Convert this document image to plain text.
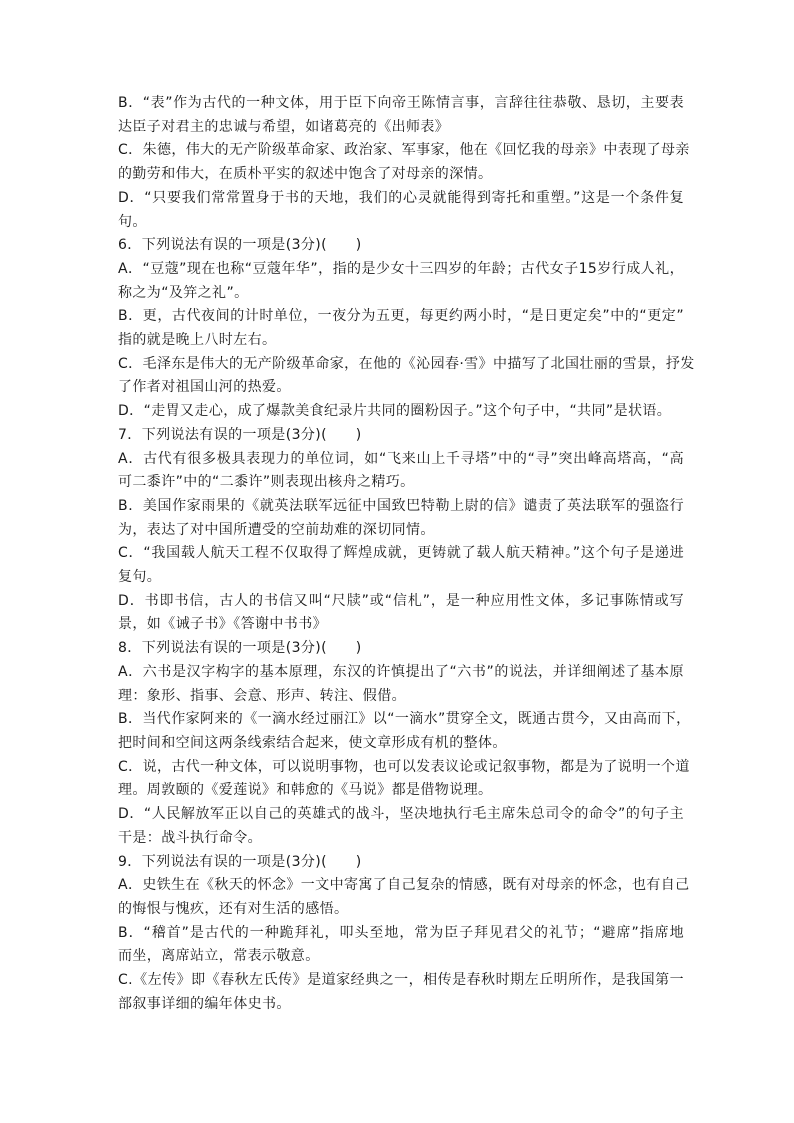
B．“表”作为古代的一种文体，用于臣下向帝王陈情言事，言辞往往恭敬、恳切，主要表
达臣子对君主的忠诚与希望，如诸葛亮的《出师表》
C．朱德，伟大的无产阶级革命家、政治家、军事家，他在《回忆我的母亲》中表现了母亲
的勤劳和伟大，在质朴平实的叙述中饱含了对母亲的深情。
D．“只要我们常常置身于书的天地，我们的心灵就能得到寄托和重塑。”这是一个条件复
句。
6．下列说法有误的一项是(3分)(　　)
A．“豆蔻”现在也称“豆蔻年华”，指的是少女十三四岁的年龄；古代女子15岁行成人礼，
称之为“及笄之礼”。
B．更，古代夜间的计时单位，一夜分为五更，每更约两小时，“是日更定矣”中的“更定”
指的就是晚上八时左右。
C．毛泽东是伟大的无产阶级革命家，在他的《沁园春·雪》中描写了北国壮丽的雪景，抒发
了作者对祖国山河的热爱。
D．“走胃又走心，成了爆款美食纪录片共同的圈粉因子。”这个句子中，“共同”是状语。
7．下列说法有误的一项是(3分)(　　)
A．古代有很多极具表现力的单位词，如“飞来山上千寻塔”中的“寻”突出峰高塔高，“高
可二黍许”中的“二黍许”则表现出核舟之精巧。
B．美国作家雨果的《就英法联军远征中国致巴特勒上尉的信》谴责了英法联军的强盗行
为，表达了对中国所遭受的空前劫难的深切同情。
C．“我国载人航天工程不仅取得了辉煌成就，更铸就了载人航天精神。”这个句子是递进
复句。
D．书即书信，古人的书信又叫“尺牍”或“信札”，是一种应用性文体，多记事陈情或写
景，如《诫子书》《答谢中书书》
8．下列说法有误的一项是(3分)(　　)
A．六书是汉字构字的基本原理，东汉的许慎提出了“六书”的说法，并详细阐述了基本原
理：象形、指事、会意、形声、转注、假借。
B．当代作家阿来的《一滴水经过丽江》以“一滴水”贯穿全文，既通古贯今，又由高而下，
把时间和空间这两条线索结合起来，使文章形成有机的整体。
C．说，古代一种文体，可以说明事物，也可以发表议论或记叙事物，都是为了说明一个道
理。周敦颐的《爱莲说》和韩愈的《马说》都是借物说理。
D．“人民解放军正以自己的英雄式的战斗，坚决地执行毛主席朱总司令的命令”的句子主
干是：战斗执行命令。
9．下列说法有误的一项是(3分)(　　)
A．史铁生在《秋天的怀念》一文中寄寓了自己复杂的情感，既有对母亲的怀念，也有自己
的悔恨与愧疚，还有对生活的感悟。
B．“稽首”是古代的一种跪拜礼，叩头至地，常为臣子拜见君父的礼节；“避席”指席地
而坐，离席站立，常表示敬意。
C.《左传》即《春秋左氏传》是道家经典之一，相传是春秋时期左丘明所作，是我国第一
部叙事详细的编年体史书。
